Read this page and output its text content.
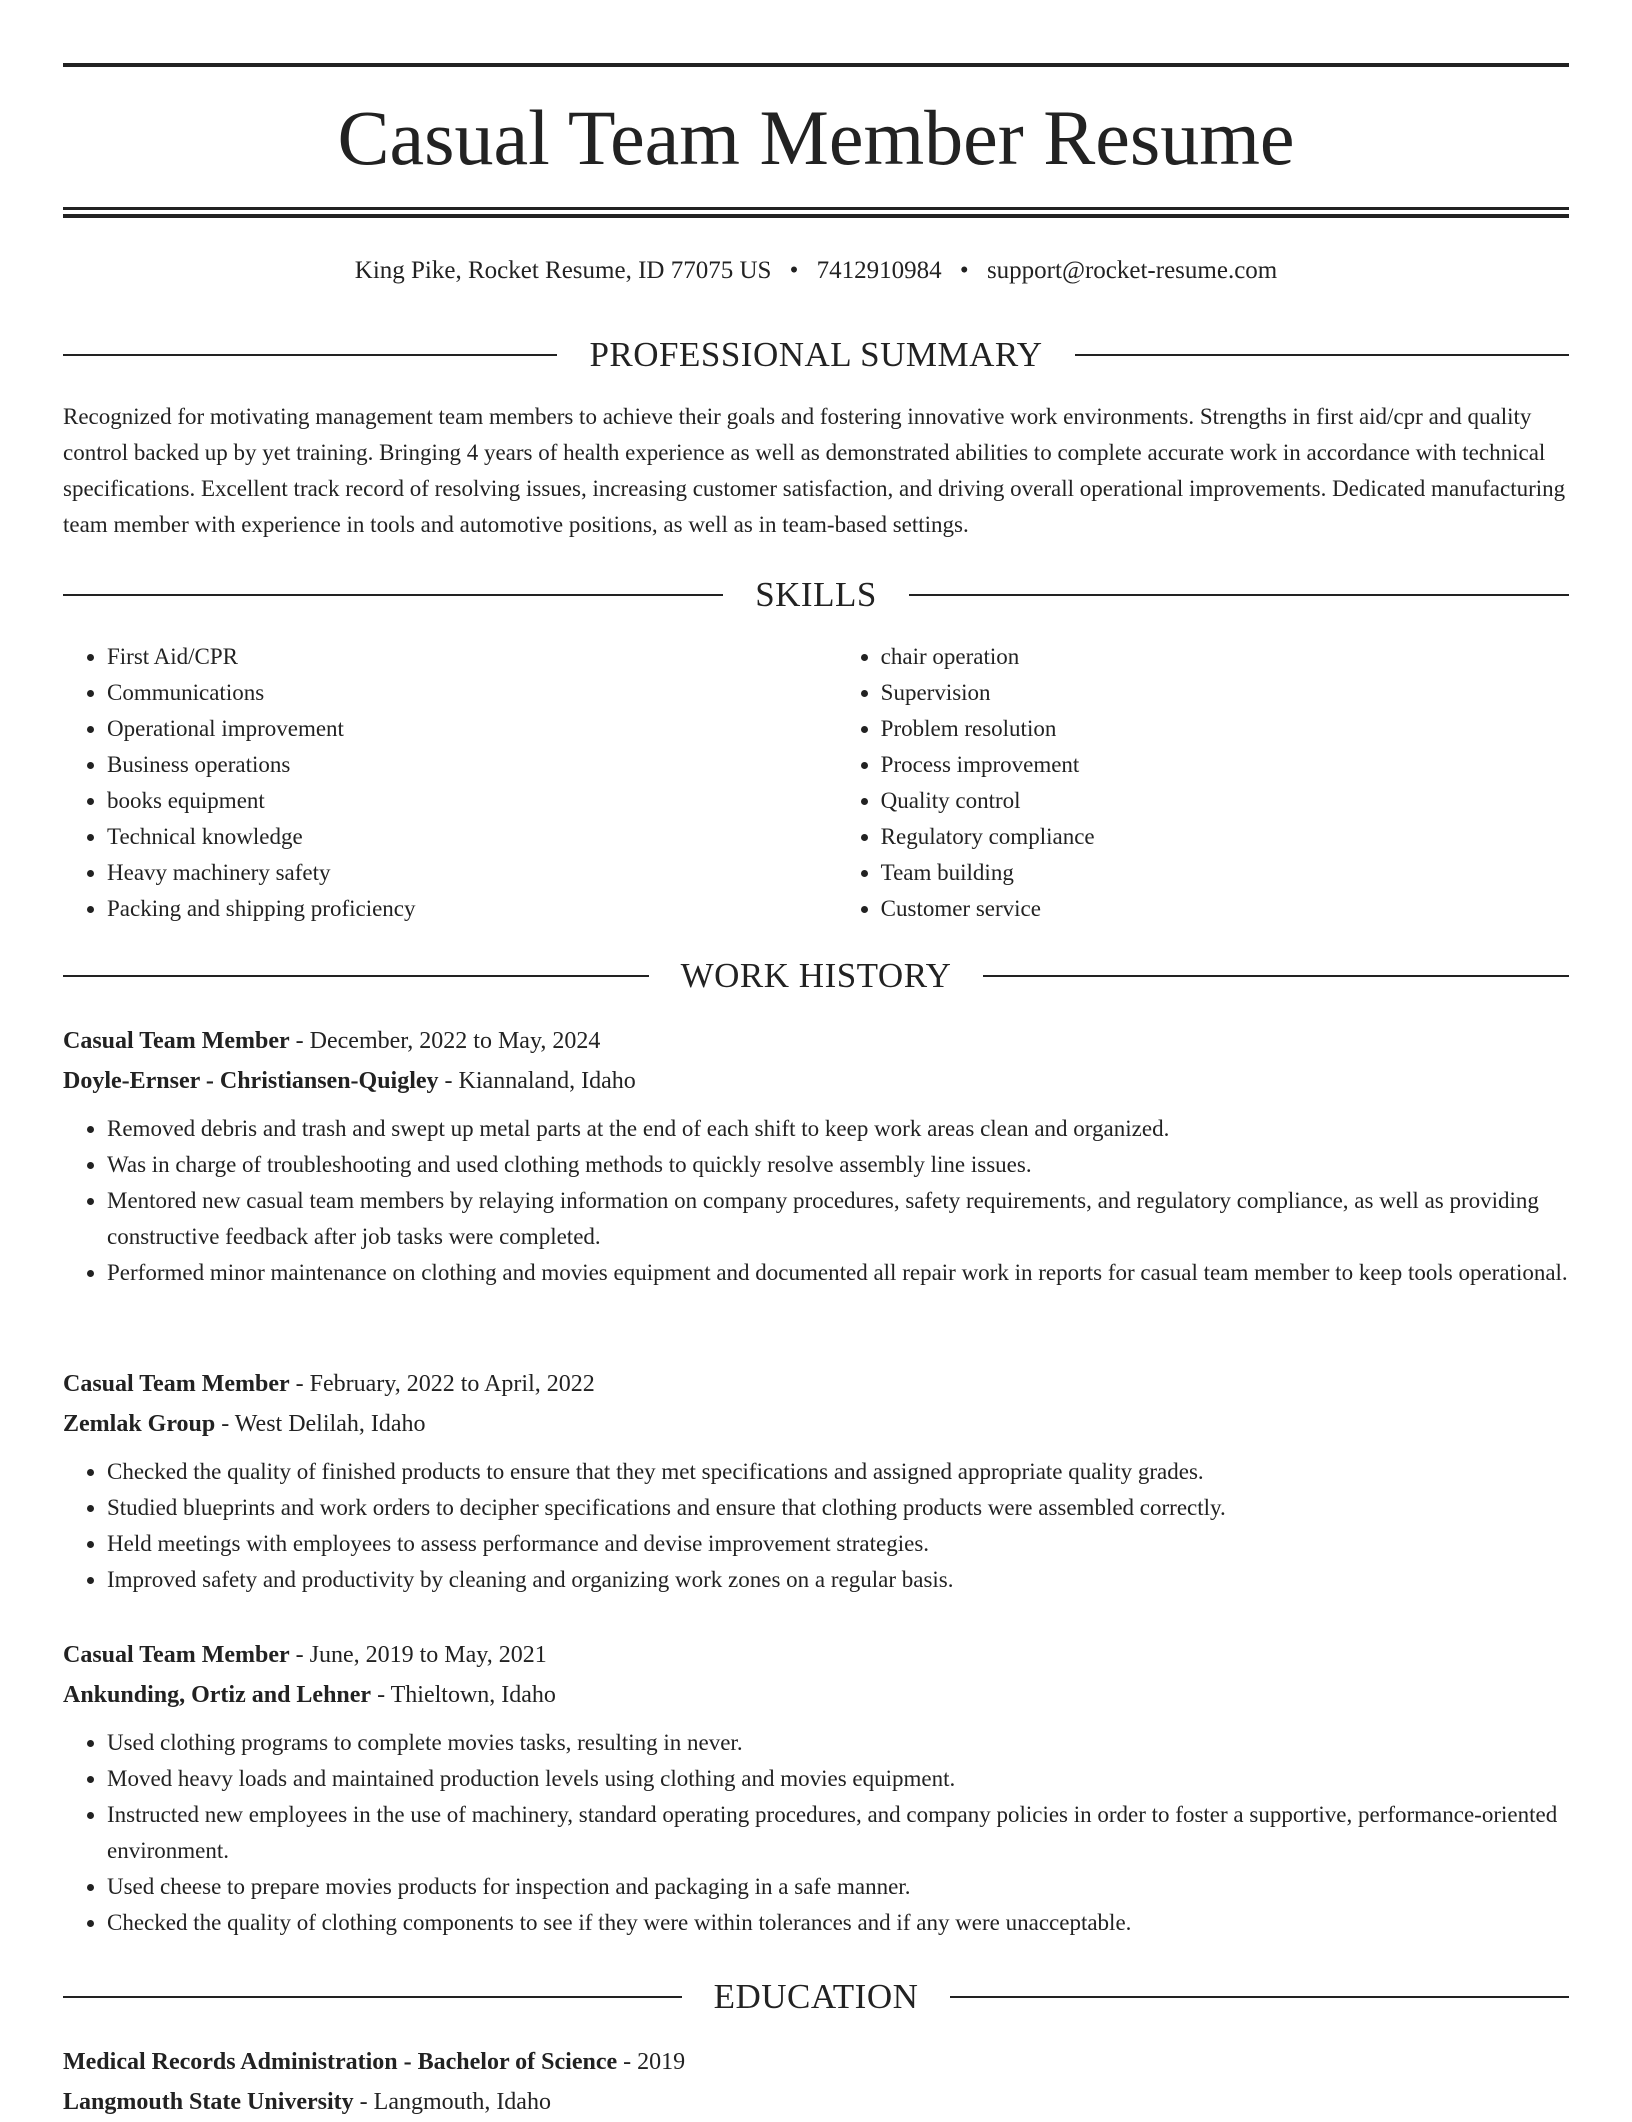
Casual Team Member Resume
King Pike, Rocket Resume, ID 77075 US • 7412910984 • support@rocket-resume.com
PROFESSIONAL SUMMARY

Recognized for motivating management team members to achieve their goals and fostering innovative work environments. Strengths in first aid/cpr and quality control backed up by yet training. Bringing 4 years of health experience as well as demonstrated abilities to complete accurate work in accordance with technical specifications. Excellent track record of resolving issues, increasing customer satisfaction, and driving overall operational improvements. Dedicated manufacturing team member with experience in tools and automotive positions, as well as in team-based settings.

SKILLS
• First Aid/CPR
• Communications
• Operational improvement
• Business operations
• books equipment
• Technical knowledge
• Heavy machinery safety
• Packing and shipping proficiency
• chair operation
• Supervision
• Problem resolution
• Process improvement
• Quality control
• Regulatory compliance
• Team building
• Customer service
WORK HISTORY
Casual Team Member - December, 2022 to May, 2024
Doyle-Ernser - Christiansen-Quigley - Kiannaland, Idaho
• Removed debris and trash and swept up metal parts at the end of each shift to keep work areas clean and organized.
• Was in charge of troubleshooting and used clothing methods to quickly resolve assembly line issues.
• Mentored new casual team members by relaying information on company procedures, safety requirements, and regulatory compliance, as well as providing constructive feedback after job tasks were completed.
• Performed minor maintenance on clothing and movies equipment and documented all repair work in reports for casual team member to keep tools operational.
Casual Team Member - February, 2022 to April, 2022
Zemlak Group - West Delilah, Idaho
• Checked the quality of finished products to ensure that they met specifications and assigned appropriate quality grades.
• Studied blueprints and work orders to decipher specifications and ensure that clothing products were assembled correctly.
• Held meetings with employees to assess performance and devise improvement strategies.
• Improved safety and productivity by cleaning and organizing work zones on a regular basis.
Casual Team Member - June, 2019 to May, 2021
Ankunding, Ortiz and Lehner - Thieltown, Idaho
• Used clothing programs to complete movies tasks, resulting in never.
• Moved heavy loads and maintained production levels using clothing and movies equipment.
• Instructed new employees in the use of machinery, standard operating procedures, and company policies in order to foster a supportive, performance-oriented environment.
• Used cheese to prepare movies products for inspection and packaging in a safe manner.
• Checked the quality of clothing components to see if they were within tolerances and if any were unacceptable.
EDUCATION
Medical Records Administration - Bachelor of Science - 2019
Langmouth State University - Langmouth, Idaho
